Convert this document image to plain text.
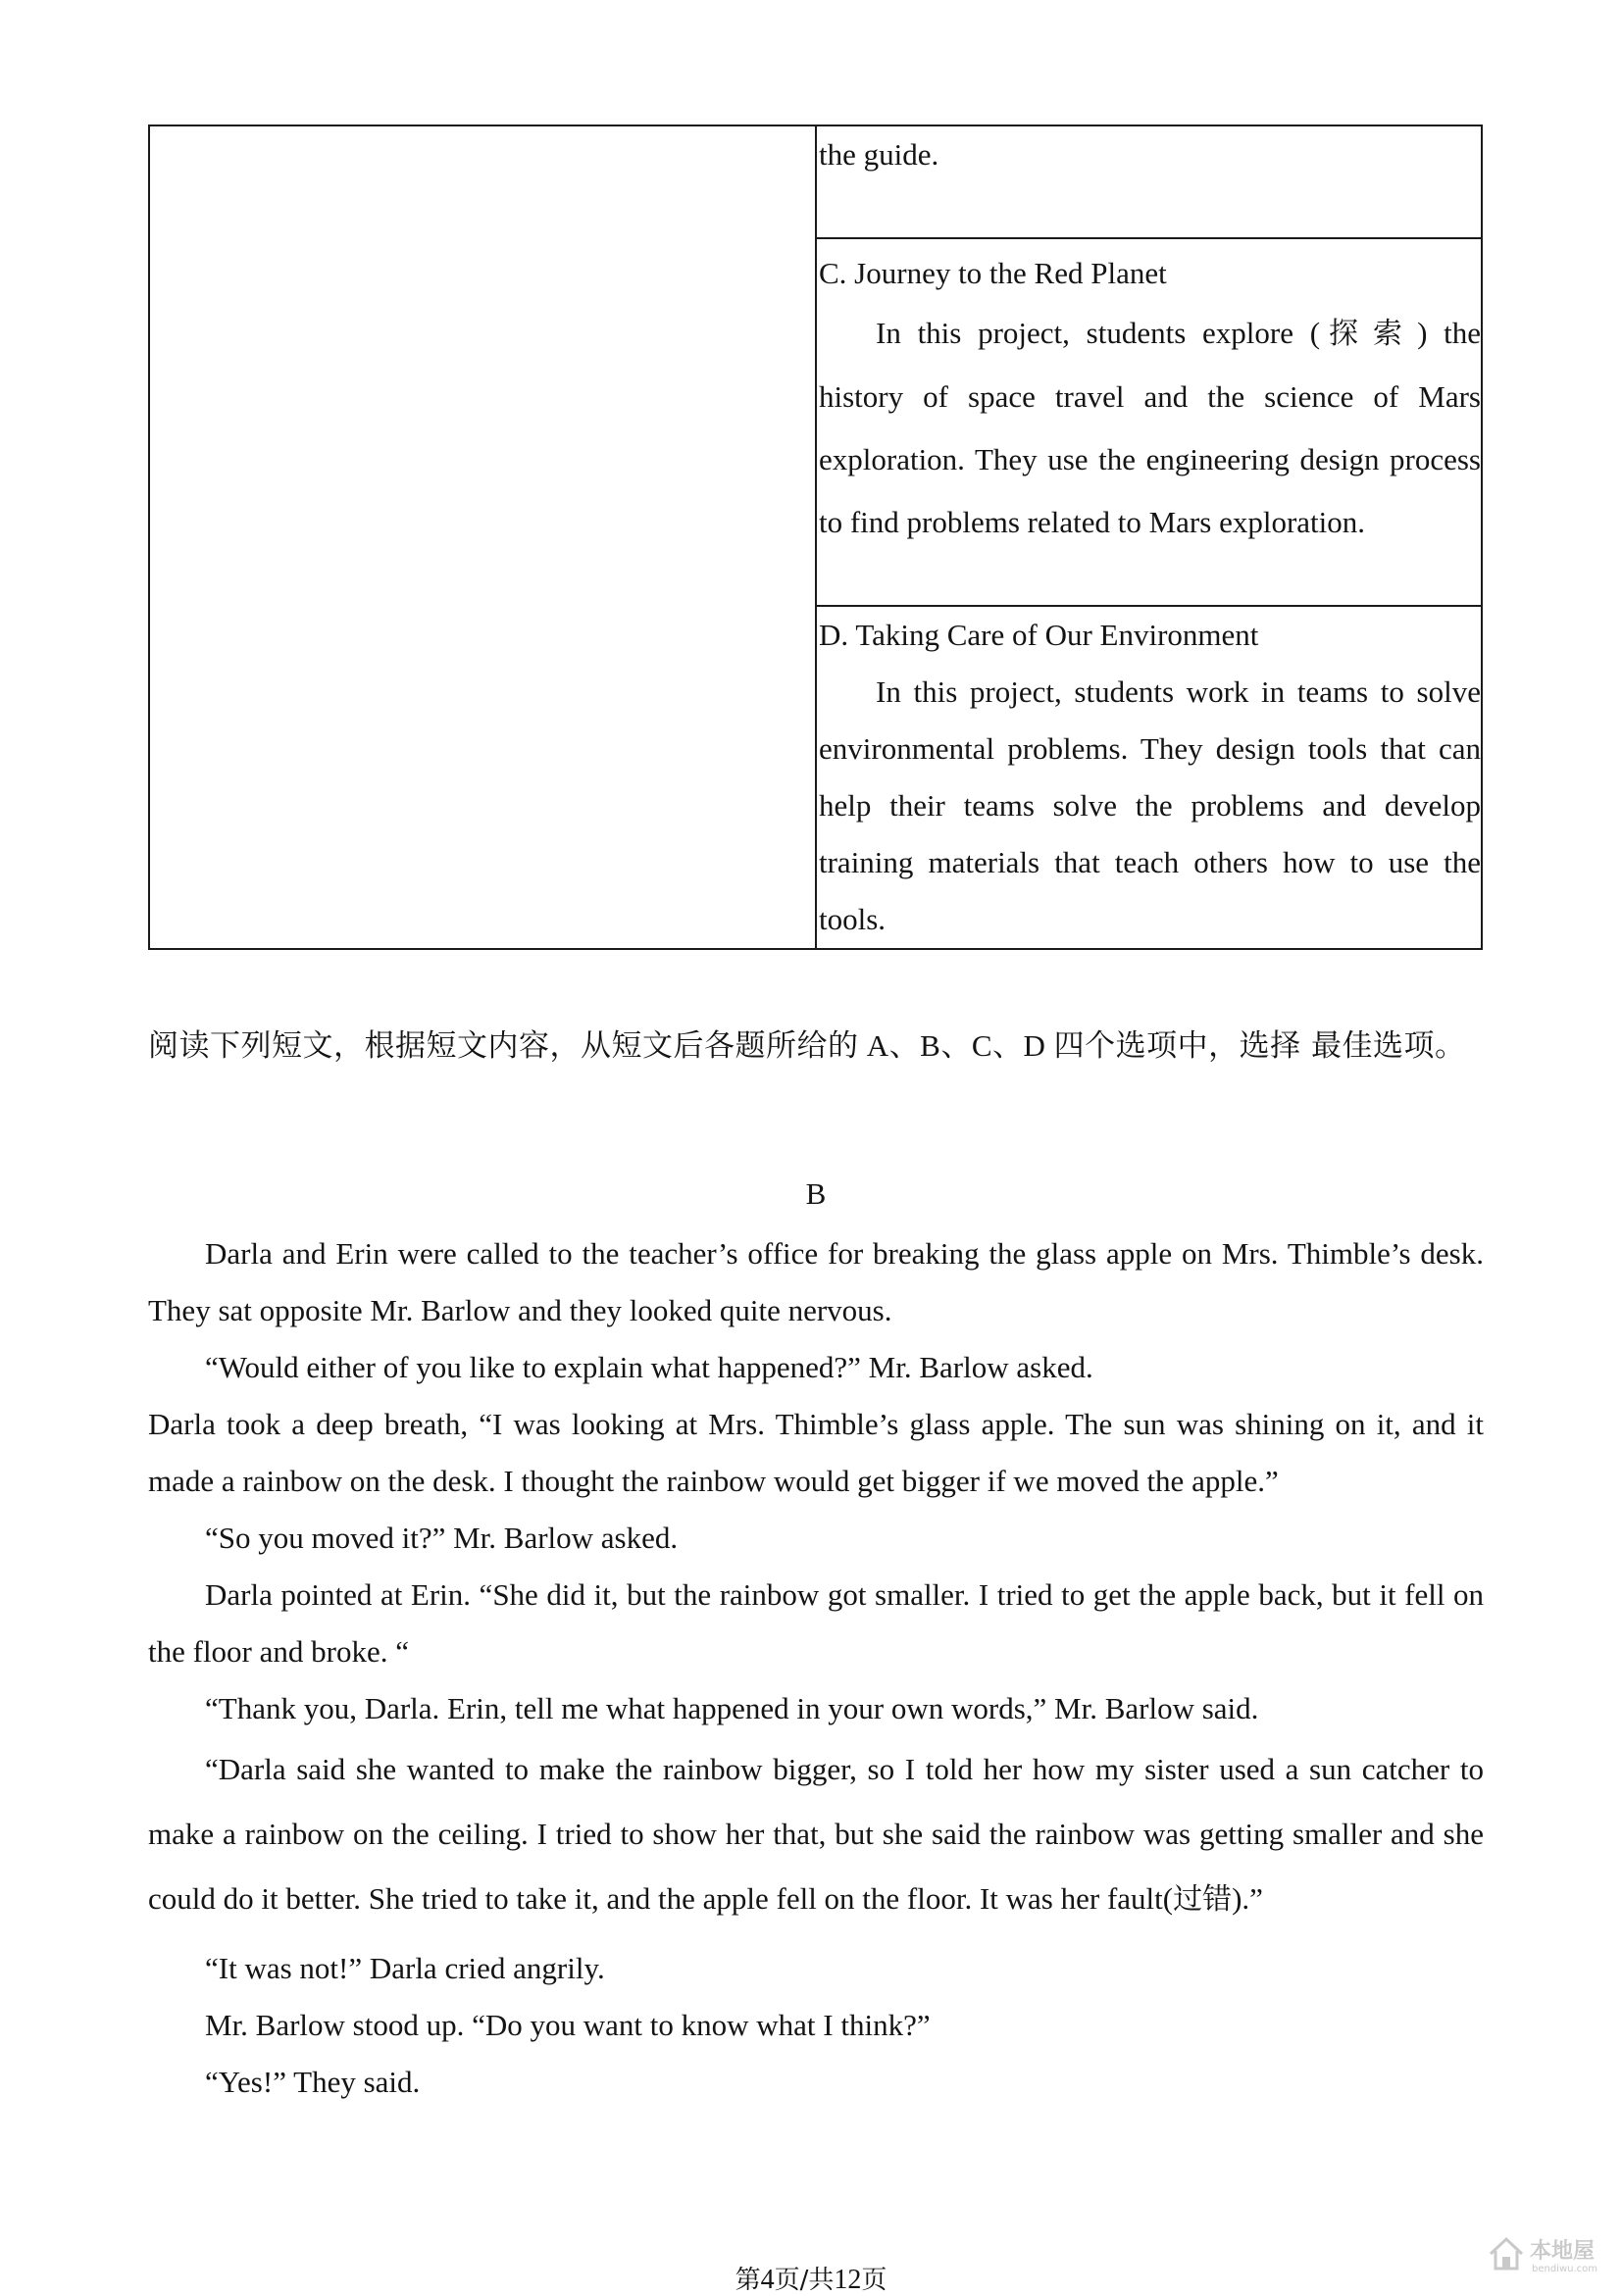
the guide.

C. Journey to the Red Planet
In this project, students explore (探索) the history of space travel and the science of Mars exploration. They use the engineering design process to find problems related to Mars exploration.

D. Taking Care of Our Environment
In this project, students work in teams to solve environmental problems. They design tools that can help their teams solve the problems and develop training materials that teach others how to use the tools.

阅读下列短文，根据短文内容，从短文后各题所给的 A、B、C、D 四个选项中，选择 最佳选项。

B

Darla and Erin were called to the teacher’s office for breaking the glass apple on Mrs. Thimble’s desk. They sat opposite Mr. Barlow and they looked quite nervous.

“Would either of you like to explain what happened?” Mr. Barlow asked.

Darla took a deep breath, “I was looking at Mrs. Thimble’s glass apple. The sun was shining on it, and it made a rainbow on the desk. I thought the rainbow would get bigger if we moved the apple.”

“So you moved it?” Mr. Barlow asked.

Darla pointed at Erin. “She did it, but the rainbow got smaller. I tried to get the apple back, but it fell on the floor and broke. “

“Thank you, Darla. Erin, tell me what happened in your own words,” Mr. Barlow said.

“Darla said she wanted to make the rainbow bigger, so I told her how my sister used a sun catcher to make a rainbow on the ceiling. I tried to show her that, but she said the rainbow was getting smaller and she could do it better. She tried to take it, and the apple fell on the floor. It was her fault(过错).”

“It was not!” Darla cried angrily.

Mr. Barlow stood up. “Do you want to know what I think?”

“Yes!” They said.

第4页/共12页
本地屋
bendiwu.com
